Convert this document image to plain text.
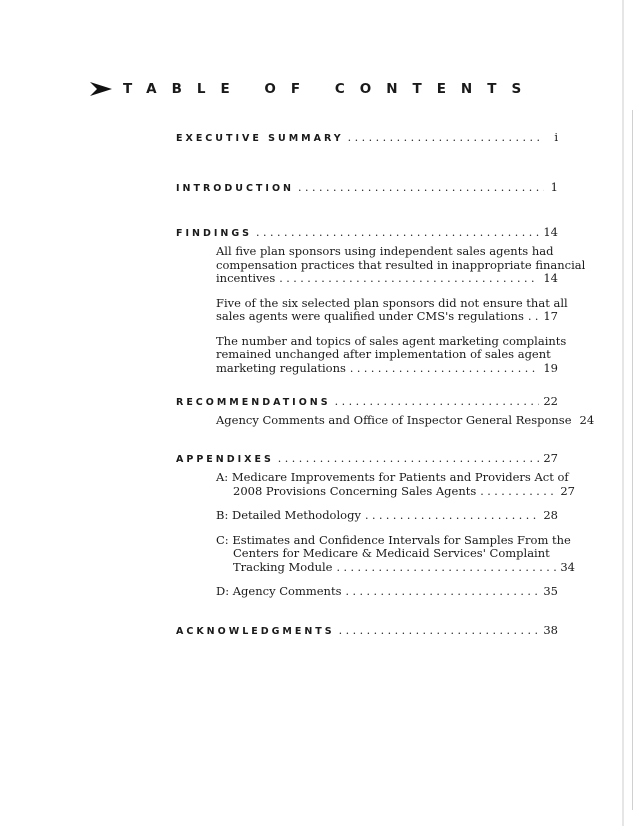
TABLE OF CONTENTS
EXECUTIVE SUMMARY . . .	i
INTRODUCTION . . .	1
FINDINGS . . .	14
All five plan sponsors using independent sales agents had
compensation practices that resulted in inappropriate financial
incentives . . .	14
Five of the six selected plan sponsors did not ensure that all
sales agents were qualified under CMS's regulations . . . 17
The number and topics of sales agent marketing complaints
remained unchanged after implementation of sales agent
marketing regulations . . .	19
RECOMMENDATIONS . . .	22
Agency Comments and Office of Inspector General Response 24
APPENDIXES . . .	27
A: Medicare Improvements for Patients and Providers Act of
2008 Provisions Concerning Sales Agents . . .	27
B: Detailed Methodology . . .	28
C: Estimates and Confidence Intervals for Samples From the
Centers for Medicare & Medicaid Services' Complaint
Tracking Module . . .	34
D: Agency Comments . . .	35
ACKNOWLEDGMENTS . . .	38
